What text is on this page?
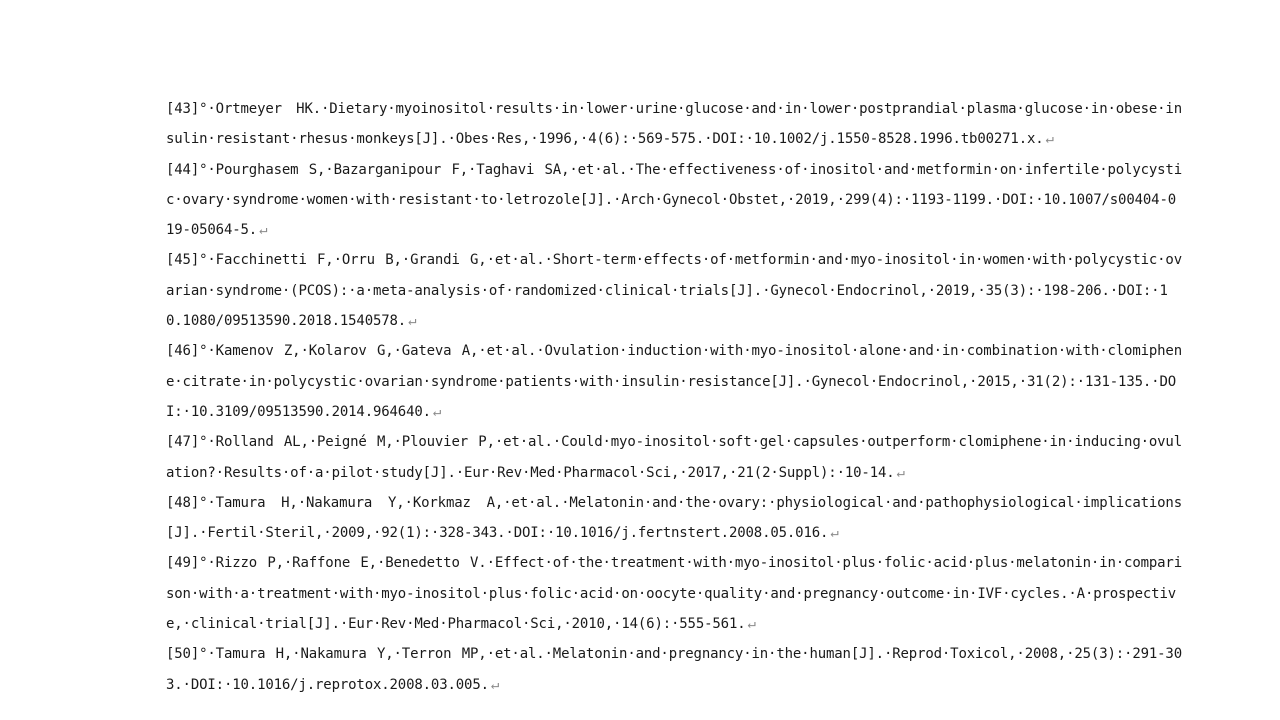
[43]°·Ortmeyer HK.·Dietary·myoinositol·results·in·lower·urine·glucose·and·in·lower·postprandial·plasma·glucose·in·obese·insulin·resistant·rhesus·monkeys[J].·Obes·Res,·1996,·4(6):·569-575.·DOI:·10.1002/j.1550-8528.1996.tb00271.x. ↵

[44]°·Pourghasem S,·Bazarganipour F,·Taghavi SA,·et·al.·The·effectiveness·of·inositol·and·metformin·on·infertile·polycystic·ovary·syndrome·women·with·resistant·to·letrozole[J].·Arch·Gynecol·Obstet,·2019,·299(4):·1193-1199.·DOI:·10.1007/s00404-019-05064-5. ↵

[45]°·Facchinetti F,·Orru B,·Grandi G,·et·al.·Short-term·effects·of·metformin·and·myo-inositol·in·women·with·polycystic·ovarian·syndrome·(PCOS):·a·meta-analysis·of·randomized·clinical·trials[J].·Gynecol·Endocrinol,·2019,·35(3):·198-206.·DOI:·10.1080/09513590.2018.1540578. ↵

[46]°·Kamenov Z,·Kolarov G,·Gateva A,·et·al.·Ovulation·induction·with·myo-inositol·alone·and·in·combination·with·clomiphene·citrate·in·polycystic·ovarian·syndrome·patients·with·insulin·resistance[J].·Gynecol·Endocrinol,·2015,·31(2):·131-135.·DOI:·10.3109/09513590.2014.964640. ↵

[47]°·Rolland AL,·Peigné M,·Plouvier P,·et·al.·Could·myo-inositol·soft·gel·capsules·outperform·clomiphene·in·inducing·ovulation?·Results·of·a·pilot·study[J].·Eur·Rev·Med·Pharmacol·Sci,·2017,·21(2·Suppl):·10-14. ↵

[48]°·Tamura H,·Nakamura Y,·Korkmaz A,·et·al.·Melatonin·and·the·ovary:·physiological·and·pathophysiological·implications[J].·Fertil·Steril,·2009,·92(1):·328-343.·DOI:·10.1016/j.fertnstert.2008.05.016. ↵

[49]°·Rizzo P,·Raffone E,·Benedetto V.·Effect·of·the·treatment·with·myo-inositol·plus·folic·acid·plus·melatonin·in·comparison·with·a·treatment·with·myo-inositol·plus·folic·acid·on·oocyte·quality·and·pregnancy·outcome·in·IVF·cycles.·A·prospective,·clinical·trial[J].·Eur·Rev·Med·Pharmacol·Sci,·2010,·14(6):·555-561. ↵

[50]°·Tamura H,·Nakamura Y,·Terron MP,·et·al.·Melatonin·and·pregnancy·in·the·human[J].·Reprod·Toxicol,·2008,·25(3):·291-303.·DOI:·10.1016/j.reprotox.2008.03.005. ↵
